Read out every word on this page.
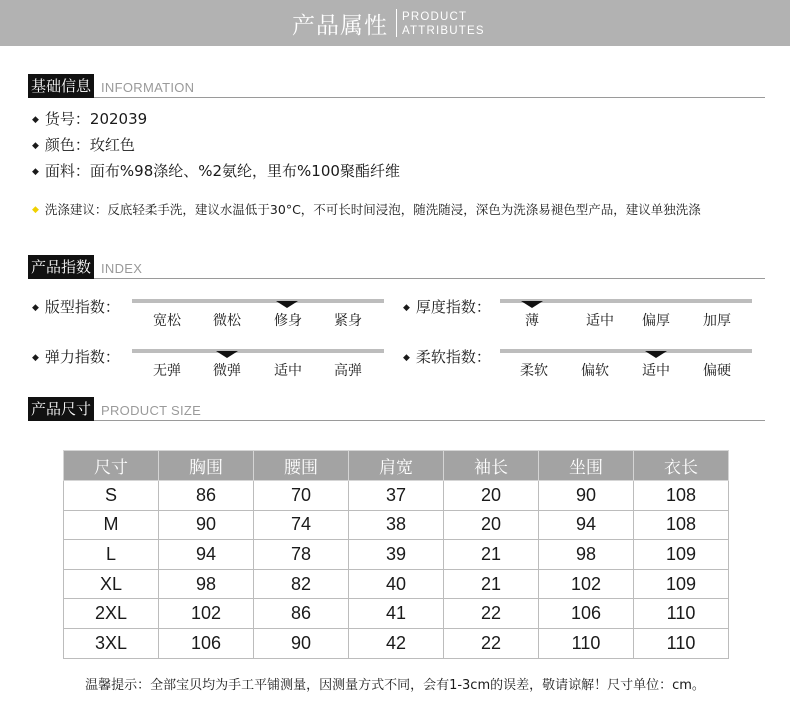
产品属性 PRODUCT
ATTRIBUTES
基础信息 INFORMATION
◆ 货号：202039
◆ 颜色：玫红色
◆ 面料：面布%98涤纶、%2氨纶，里布%100聚酯纤维
◆ 洗涤建议：反底轻柔手洗，建议水温低于30°C，不可长时间浸泡，随洗随浸，深色为洗涤易褪色型产品，建议单独洗涤
产品指数 INDEX
◆ 版型指数：
宽松	微松	修身	紧身
◆ 厚度指数：
薄	适中	偏厚	加厚
◆ 弹力指数：
无弹	微弹	适中	高弹
◆ 柔软指数：
柔软	偏软	适中	偏硬
产品尺寸 PRODUCT SIZE
尺寸	胸围	腰围	肩宽	袖长	坐围	衣长
S	86	70	37	20	90	108
M	90	74	38	20	94	108
L	94	78	39	21	98	109
XL	98	82	40	21	102	109
2XL	102	86	41	22	106	110
3XL	106	90	42	22	110	110
温馨提示：全部宝贝均为手工平铺测量，因测量方式不同，会有1-3cm的误差，敬请谅解！尺寸单位：cm。
